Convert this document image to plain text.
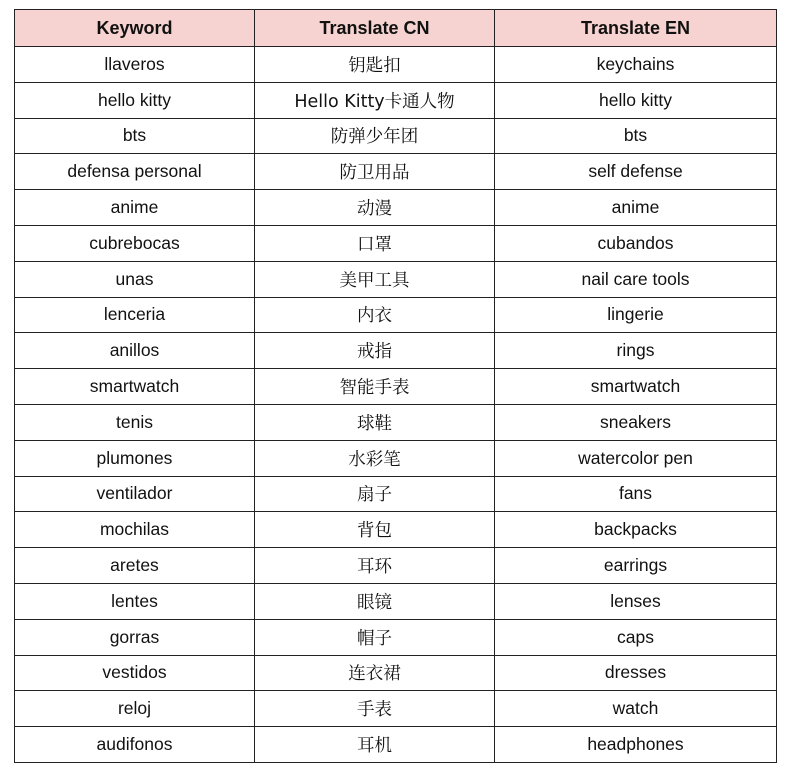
Keyword	Translate CN	Translate EN
llaveros	钥匙扣	keychains
hello kitty	Hello Kitty卡通人物	hello kitty
bts	防弹少年团	bts
defensa personal	防卫用品	self defense
anime	动漫	anime
cubrebocas	口罩	cubandos
unas	美甲工具	nail care tools
lenceria	内衣	lingerie
anillos	戒指	rings
smartwatch	智能手表	smartwatch
tenis	球鞋	sneakers
plumones	水彩笔	watercolor pen
ventilador	扇子	fans
mochilas	背包	backpacks
aretes	耳环	earrings
lentes	眼镜	lenses
gorras	帽子	caps
vestidos	连衣裙	dresses
reloj	手表	watch
audifonos	耳机	headphones
